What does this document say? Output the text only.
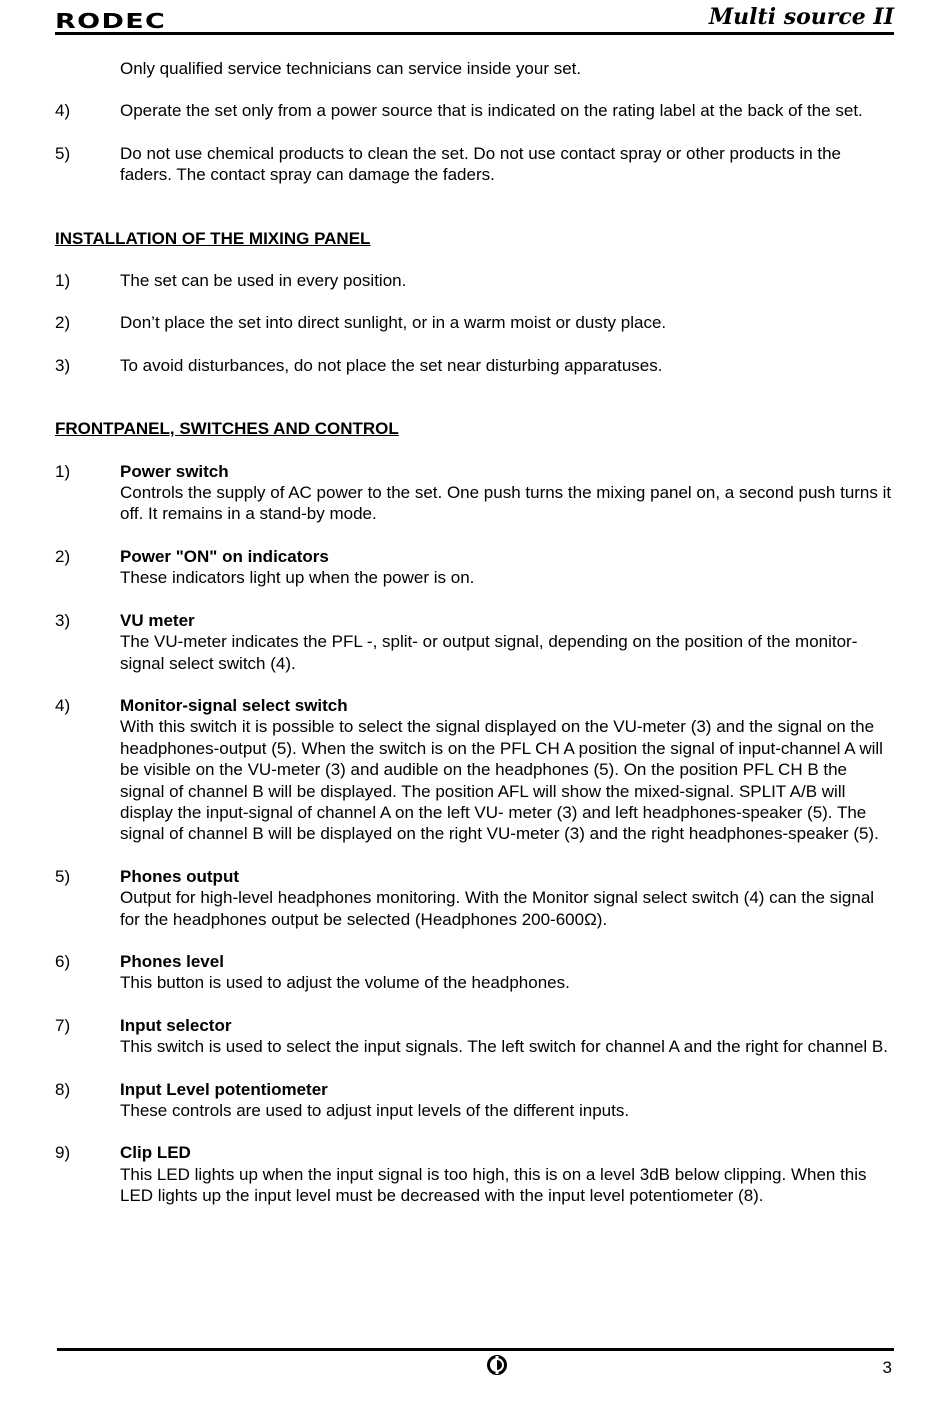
RODEC	Multi source II

Only qualified service technicians can service inside your set.

4)	Operate the set only from a power source that is indicated on the rating label at the back of the set.
5)	Do not use chemical products to clean the set. Do not use contact spray or other products in the faders. The contact spray can damage the faders.

INSTALLATION OF THE MIXING PANEL

1)	The set can be used in every position.
2)	Don’t place the set into direct sunlight, or in a warm moist or dusty place.
3)	To avoid disturbances, do not place the set near disturbing apparatuses.

FRONTPANEL, SWITCHES AND CONTROL

1)	Power switch
Controls the supply of AC power to the set. One push turns the mixing panel on, a second push turns it off. It remains in a stand-by mode.
2)	Power "ON" on indicators
These indicators light up when the power is on.
3)	VU meter
The VU-meter indicates the PFL -, split- or output signal, depending on the position of the monitor-signal select switch (4).
4)	Monitor-signal select switch
With this switch it is possible to select the signal displayed on the VU-meter (3) and the signal on the headphones-output (5). When the switch is on the PFL CH A position the signal of input-channel A will be visible on the VU-meter (3) and audible on the headphones (5). On the position PFL CH B the signal of channel B will be displayed. The position AFL will show the mixed-signal. SPLIT A/B will display the input-signal of channel A on the left VU- meter (3) and left headphones-speaker (5). The signal of channel B will be displayed on the right VU-meter (3) and the right headphones-speaker (5).
5)	Phones output
Output for high-level headphones monitoring. With the Monitor signal select switch (4) can the signal for the headphones output be selected (Headphones 200-600Ω).
6)	Phones level
This button is used to adjust the volume of the headphones.
7)	Input selector
This switch is used to select the input signals. The left switch for channel A and the right for channel B.
8)	Input Level potentiometer
These controls are used to adjust input levels of the different inputs.
9)	Clip LED
This LED lights up when the input signal is too high, this is on a level 3dB below clipping. When this LED lights up the input level must be decreased with the input level potentiometer (8).
3
